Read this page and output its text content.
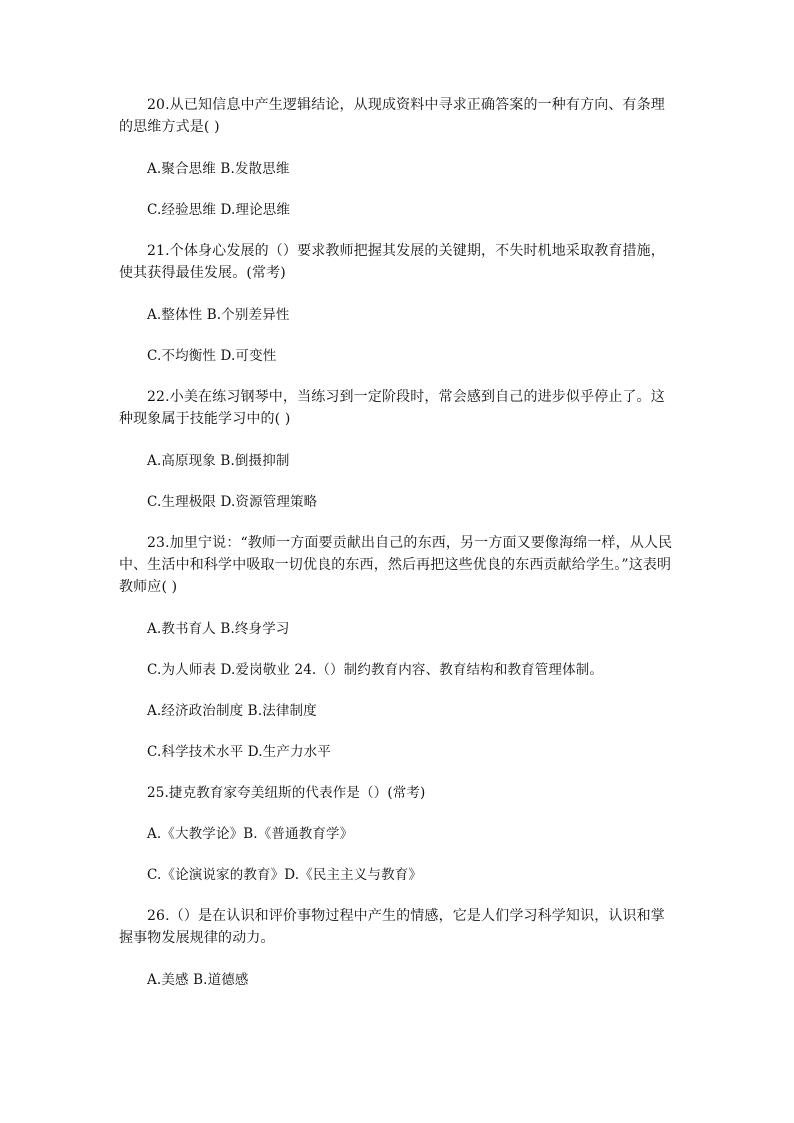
20.从已知信息中产生逻辑结论，从现成资料中寻求正确答案的一种有方向、有条理的思维方式是( )

A.聚合思维 B.发散思维

C.经验思维 D.理论思维

21.个体身心发展的（）要求教师把握其发展的关键期，不失时机地采取教育措施，使其获得最佳发展。(常考)

A.整体性 B.个别差异性

C.不均衡性 D.可变性

22.小美在练习钢琴中，当练习到一定阶段时，常会感到自己的进步似乎停止了。这种现象属于技能学习中的( )

A.高原现象 B.倒摄抑制

C.生理极限 D.资源管理策略

23.加里宁说：“教师一方面要贡献出自己的东西，另一方面又要像海绵一样，从人民中、生活中和科学中吸取一切优良的东西，然后再把这些优良的东西贡献给学生。”这表明教师应( )

A.教书育人 B.终身学习

C.为人师表 D.爱岗敬业 24.（）制约教育内容、教育结构和教育管理体制。

A.经济政治制度 B.法律制度

C.科学技术水平 D.生产力水平

25.捷克教育家夸美纽斯的代表作是（）(常考)

A.《大教学论》B.《普通教育学》

C.《论演说家的教育》D.《民主主义与教育》

26.（）是在认识和评价事物过程中产生的情感，它是人们学习科学知识，认识和掌握事物发展规律的动力。

A.美感 B.道德感
